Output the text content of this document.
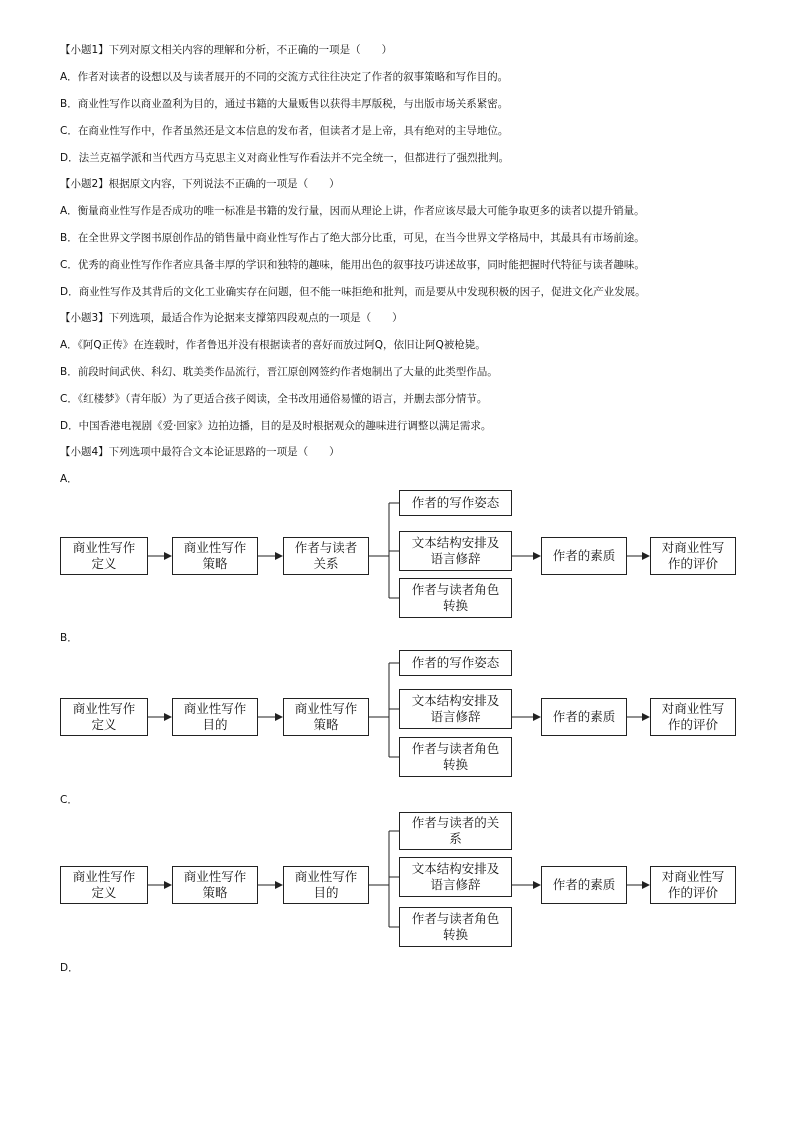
【小题1】下列对原文相关内容的理解和分析，不正确的一项是（　　）
A．作者对读者的设想以及与读者展开的不同的交流方式往往决定了作者的叙事策略和写作目的。
B．商业性写作以商业盈利为目的，通过书籍的大量贩售以获得丰厚版税，与出版市场关系紧密。
C．在商业性写作中，作者虽然还是文本信息的发布者，但读者才是上帝，具有绝对的主导地位。
D．法兰克福学派和当代西方马克思主义对商业性写作看法并不完全统一，但都进行了强烈批判。
【小题2】根据原文内容，下列说法不正确的一项是（　　）
A．衡量商业性写作是否成功的唯一标准是书籍的发行量，因而从理论上讲，作者应该尽最大可能争取更多的读者以提升销量。
B．在全世界文学图书原创作品的销售量中商业性写作占了绝大部分比重，可见，在当今世界文学格局中，其最具有市场前途。
C．优秀的商业性写作作者应具备丰厚的学识和独特的趣味，能用出色的叙事技巧讲述故事，同时能把握时代特征与读者趣味。
D．商业性写作及其背后的文化工业确实存在问题，但不能一味拒绝和批判，而是要从中发现积极的因子，促进文化产业发展。
【小题3】下列选项，最适合作为论据来支撑第四段观点的一项是（　　）
A．《阿Q正传》在连载时，作者鲁迅并没有根据读者的喜好而放过阿Q，依旧让阿Q被枪毙。
B．前段时间武侠、科幻、耽美类作品流行，晋江原创网签约作者炮制出了大量的此类型作品。
C．《红楼梦》（青年版）为了更适合孩子阅读，全书改用通俗易懂的语言，并删去部分情节。
D．中国香港电视剧《爱·回家》边拍边播，目的是及时根据观众的趣味进行调整以满足需求。
【小题4】下列选项中最符合文本论证思路的一项是（　　）
A．
B．
C．
D．
商业性写作
定义
商业性写作
策略
作者与读者
关系
作者的写作姿态
文本结构安排及
语言修辞
作者与读者角色
转换
作者的素质
对商业性写
作的评价
商业性写作
定义
商业性写作
目的
商业性写作
策略
作者的写作姿态
文本结构安排及
语言修辞
作者与读者角色
转换
作者的素质
对商业性写
作的评价
商业性写作
定义
商业性写作
策略
商业性写作
目的
作者与读者的关
系
文本结构安排及
语言修辞
作者与读者角色
转换
作者的素质
对商业性写
作的评价
